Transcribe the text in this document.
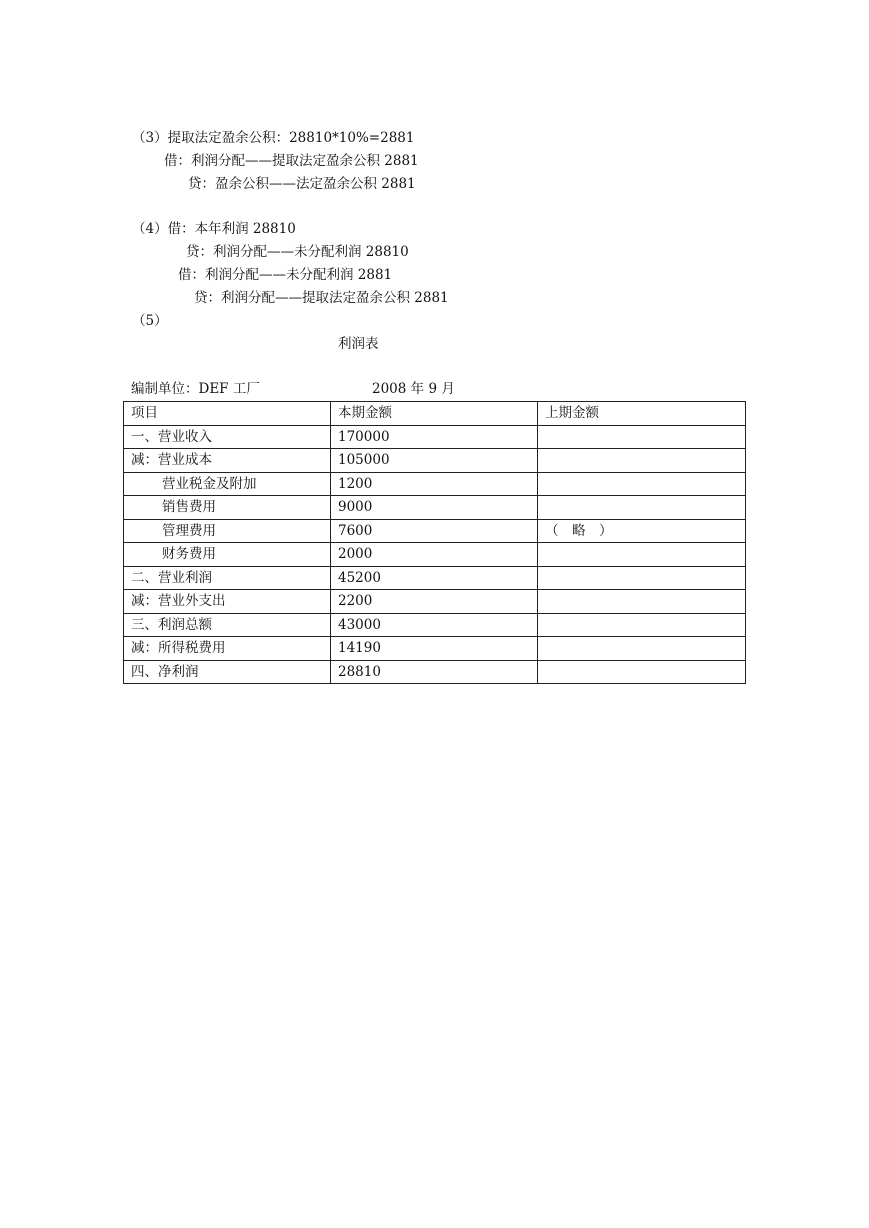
（3）提取法定盈余公积：28810*10%=2881
借：利润分配——提取法定盈余公积 2881
贷：盈余公积——法定盈余公积 2881
（4）借：本年利润 28810
贷：利润分配——未分配利润 28810
借：利润分配——未分配利润 2881
贷：利润分配——提取法定盈余公积 2881
（5）
利润表
编制单位：DEF 工厂	2008 年 9 月
项目	本期金额	上期金额
一、营业收入	170000	
减：营业成本	105000	
营业税金及附加	1200	
销售费用	9000	
管理费用	7600	（　略　）
财务费用	2000	
二、营业利润	45200	
减：营业外支出	2200	
三、利润总额	43000	
减：所得税费用	14190	
四、净利润	28810	
